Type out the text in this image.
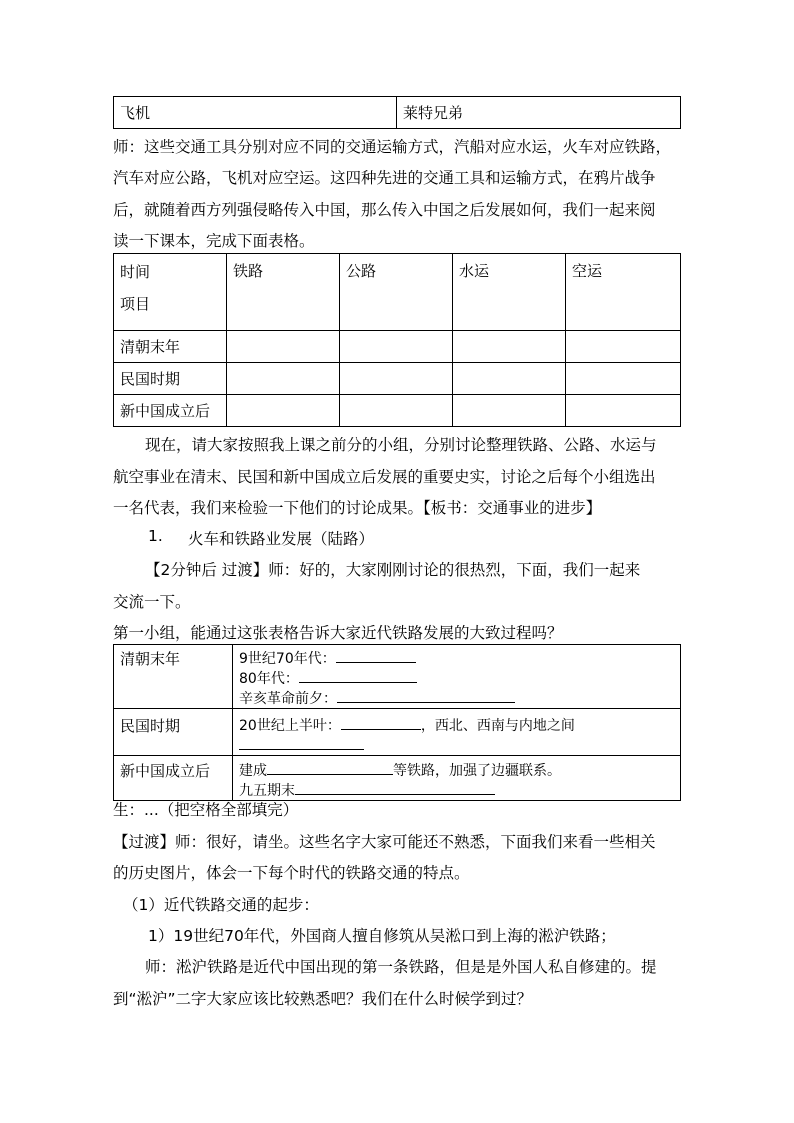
飞机	莱特兄弟
师：这些交通工具分别对应不同的交通运输方式，汽船对应水运，火车对应铁路，
汽车对应公路，飞机对应空运。这四种先进的交通工具和运输方式，在鸦片战争
后，就随着西方列强侵略传入中国，那么传入中国之后发展如何，我们一起来阅
读一下课本，完成下面表格。
时间
项目	铁路	公路	水运	空运
清朝末年				
民国时期				
新中国成立后				
现在，请大家按照我上课之前分的小组，分别讨论整理铁路、公路、水运与
航空事业在清末、民国和新中国成立后发展的重要史实，讨论之后每个小组选出
一名代表，我们来检验一下他们的讨论成果。【板书：交通事业的进步】
1. 火车和铁路业发展（陆路）
【2分钟后 过渡】师：好的，大家刚刚讨论的很热烈，下面，我们一起来
交流一下。
第一小组，能通过这张表格告诉大家近代铁路发展的大致过程吗？
清朝末年	9世纪70年代：
80年代：
辛亥革命前夕：

民国时期	20世纪上半叶： ，西北、西南与内地之间

新中国成立后	建成 等铁路，加强了边疆联系。
九五期末
生：...（把空格全部填完）
【过渡】师：很好，请坐。这些名字大家可能还不熟悉，下面我们来看一些相关
的历史图片，体会一下每个时代的铁路交通的特点。
（1）近代铁路交通的起步：
1）19世纪70年代，外国商人擅自修筑从吴淞口到上海的淞沪铁路；
师：淞沪铁路是近代中国出现的第一条铁路，但是是外国人私自修建的。提
到“淞沪”二字大家应该比较熟悉吧？我们在什么时候学到过？
